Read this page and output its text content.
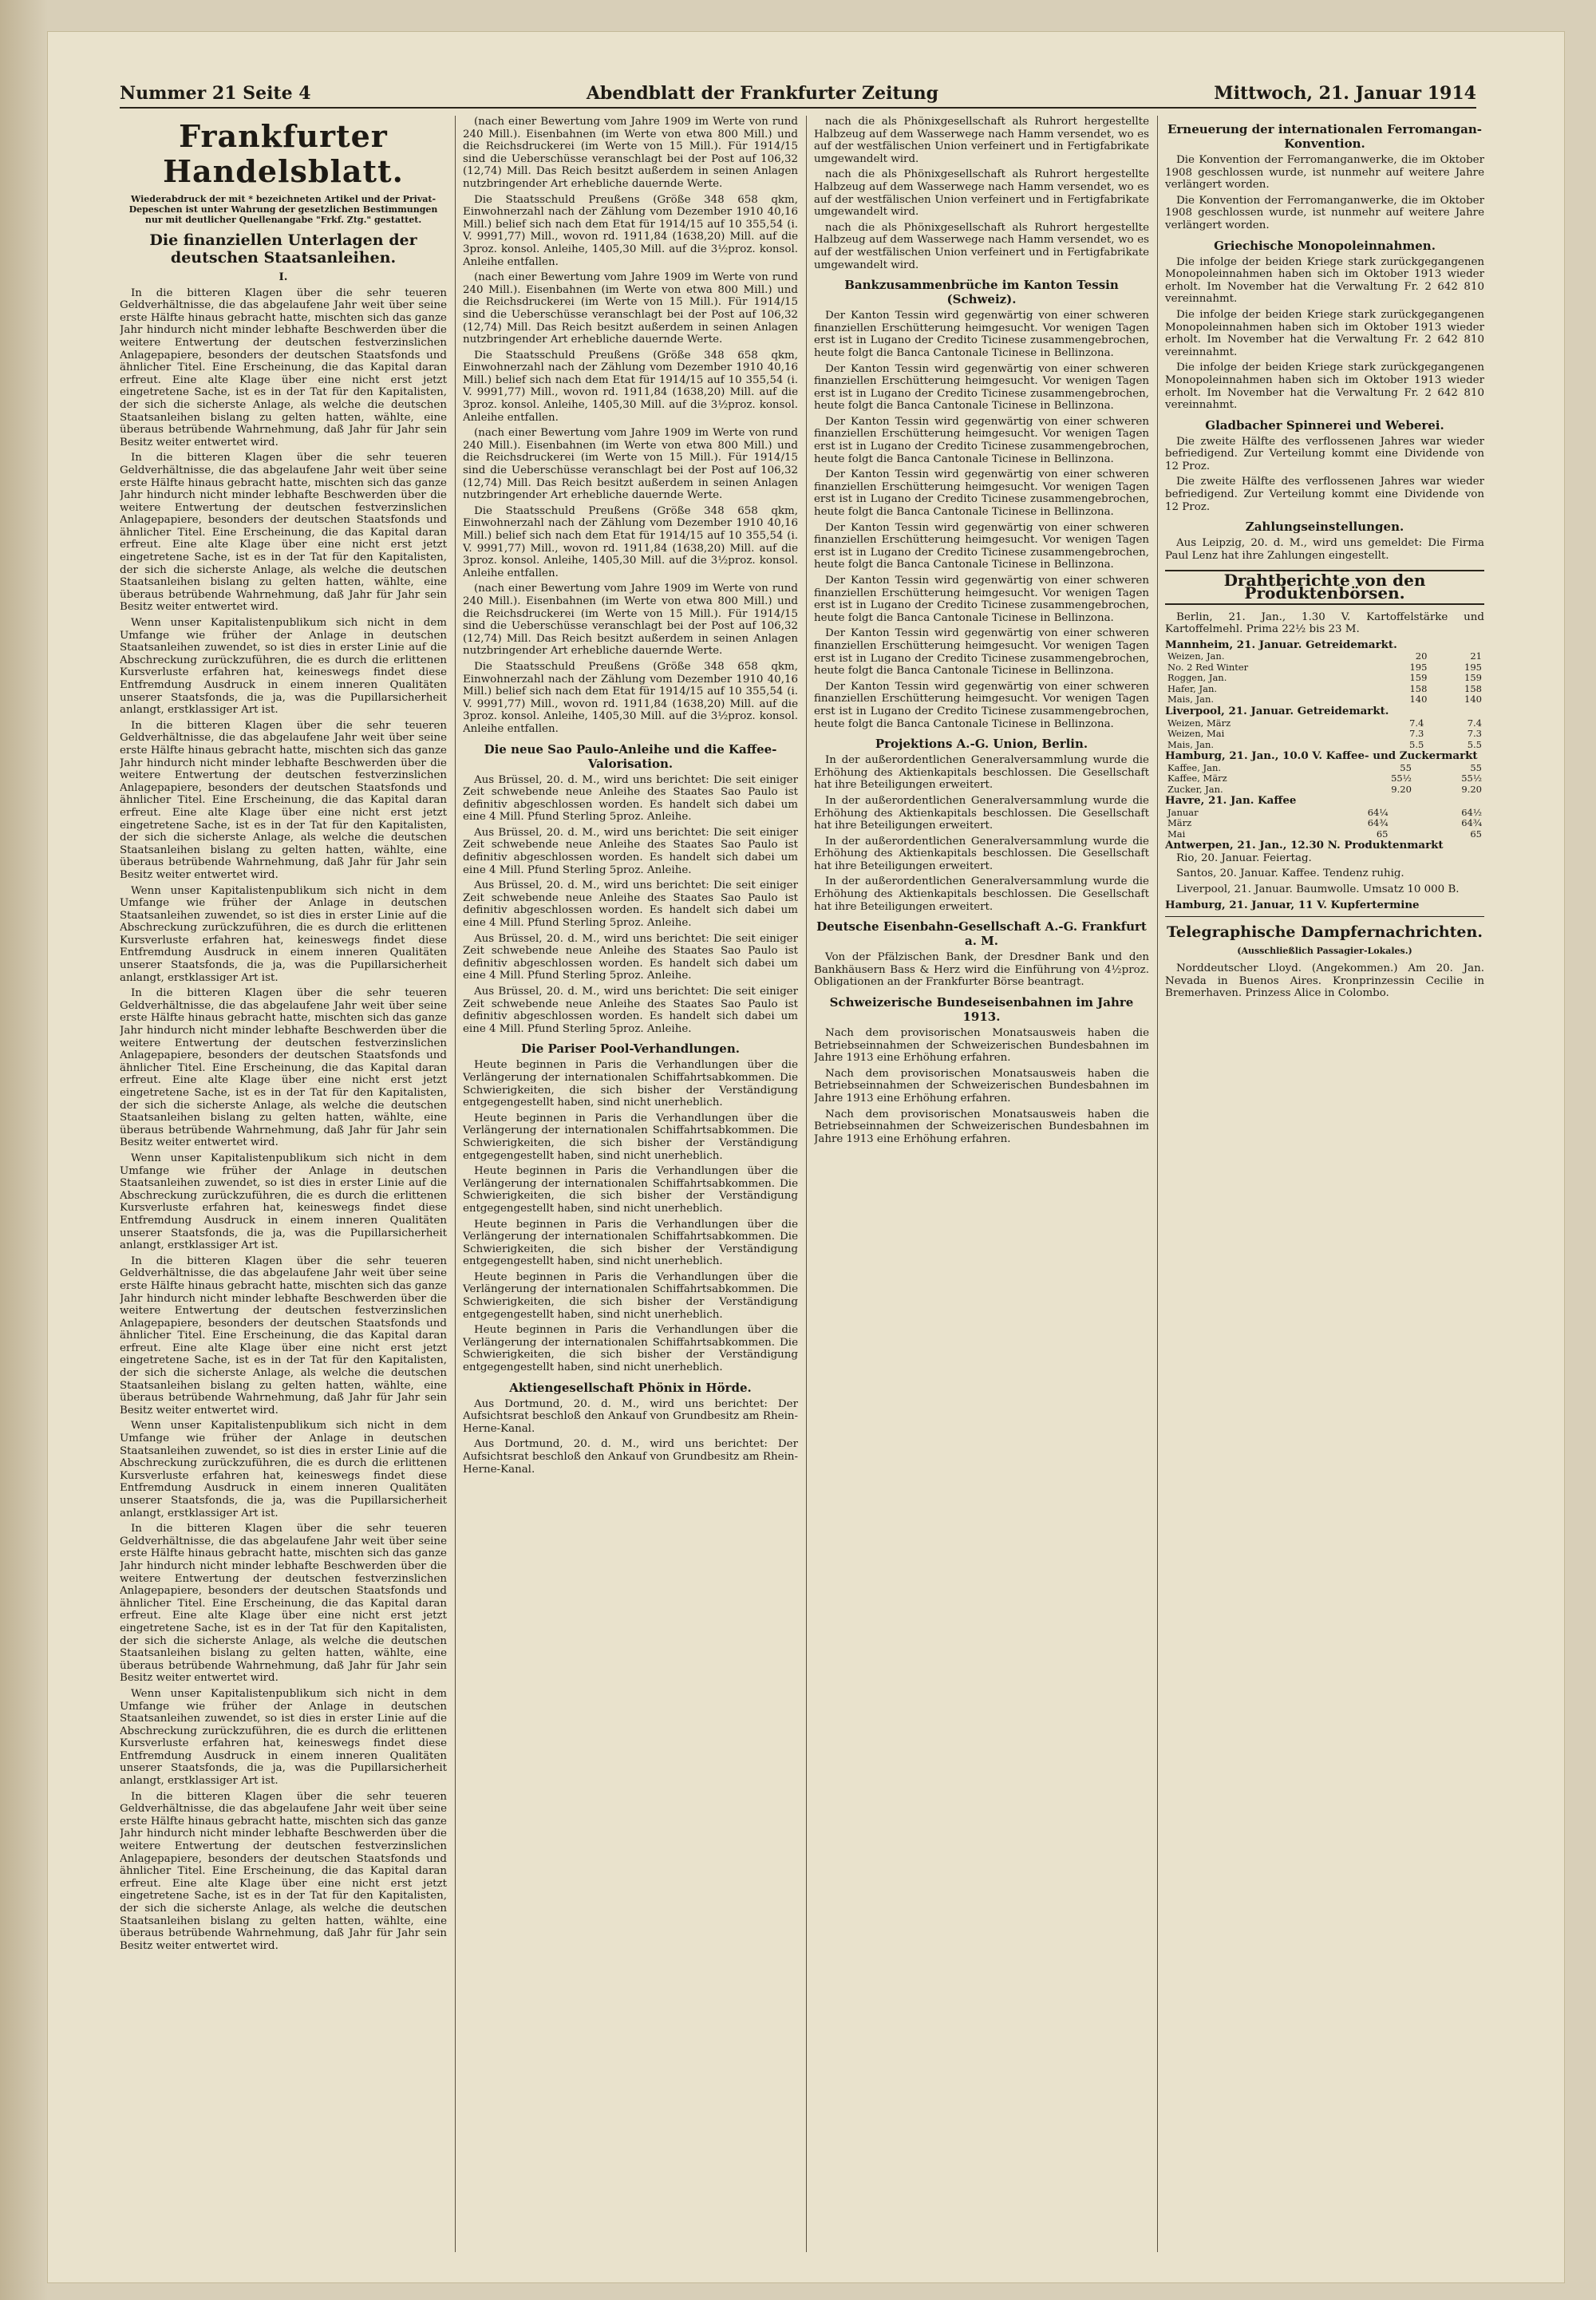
Nummer 21 Seite 4	Abendblatt der Frankfurter Zeitung	Mittwoch, 21. Januar 1914
Frankfurter Handelsblatt.
Wiederabdruck der mit * bezeichneten Artikel und der Privat-Depeschen ist unter Wahrung der gesetzlichen Bestimmungen nur mit deutlicher Quellenangabe "Frkf. Ztg." gestattet.
Die finanziellen Unterlagen der deutschen Staatsanleihen.
I.

In die bitteren Klagen über die sehr teueren Geldverhältnisse, die das abgelaufene Jahr weit über seine erste Hälfte hinaus gebracht hatte, mischten sich das ganze Jahr hindurch nicht minder lebhafte Beschwerden über die weitere Entwertung der deutschen festverzinslichen Anlagepapiere, besonders der deutschen Staatsfonds und ähnlicher Titel. Eine Erscheinung, die das Kapital daran erfreut. Eine alte Klage über eine nicht erst jetzt eingetretene Sache, ist es in der Tat für den Kapitalisten, der sich die sicherste Anlage, als welche die deutschen Staatsanleihen bislang zu gelten hatten, wählte, eine überaus betrübende Wahrnehmung, daß Jahr für Jahr sein Besitz weiter entwertet wird.

In die bitteren Klagen über die sehr teueren Geldverhältnisse, die das abgelaufene Jahr weit über seine erste Hälfte hinaus gebracht hatte, mischten sich das ganze Jahr hindurch nicht minder lebhafte Beschwerden über die weitere Entwertung der deutschen festverzinslichen Anlagepapiere, besonders der deutschen Staatsfonds und ähnlicher Titel. Eine Erscheinung, die das Kapital daran erfreut. Eine alte Klage über eine nicht erst jetzt eingetretene Sache, ist es in der Tat für den Kapitalisten, der sich die sicherste Anlage, als welche die deutschen Staatsanleihen bislang zu gelten hatten, wählte, eine überaus betrübende Wahrnehmung, daß Jahr für Jahr sein Besitz weiter entwertet wird.

Wenn unser Kapitalistenpublikum sich nicht in dem Umfange wie früher der Anlage in deutschen Staatsanleihen zuwendet, so ist dies in erster Linie auf die Abschreckung zurückzuführen, die es durch die erlittenen Kursverluste erfahren hat, keineswegs findet diese Entfremdung Ausdruck in einem inneren Qualitäten unserer Staatsfonds, die ja, was die Pupillarsicherheit anlangt, erstklassiger Art ist.

In die bitteren Klagen über die sehr teueren Geldverhältnisse, die das abgelaufene Jahr weit über seine erste Hälfte hinaus gebracht hatte, mischten sich das ganze Jahr hindurch nicht minder lebhafte Beschwerden über die weitere Entwertung der deutschen festverzinslichen Anlagepapiere, besonders der deutschen Staatsfonds und ähnlicher Titel. Eine Erscheinung, die das Kapital daran erfreut. Eine alte Klage über eine nicht erst jetzt eingetretene Sache, ist es in der Tat für den Kapitalisten, der sich die sicherste Anlage, als welche die deutschen Staatsanleihen bislang zu gelten hatten, wählte, eine überaus betrübende Wahrnehmung, daß Jahr für Jahr sein Besitz weiter entwertet wird.

Wenn unser Kapitalistenpublikum sich nicht in dem Umfange wie früher der Anlage in deutschen Staatsanleihen zuwendet, so ist dies in erster Linie auf die Abschreckung zurückzuführen, die es durch die erlittenen Kursverluste erfahren hat, keineswegs findet diese Entfremdung Ausdruck in einem inneren Qualitäten unserer Staatsfonds, die ja, was die Pupillarsicherheit anlangt, erstklassiger Art ist.

In die bitteren Klagen über die sehr teueren Geldverhältnisse, die das abgelaufene Jahr weit über seine erste Hälfte hinaus gebracht hatte, mischten sich das ganze Jahr hindurch nicht minder lebhafte Beschwerden über die weitere Entwertung der deutschen festverzinslichen Anlagepapiere, besonders der deutschen Staatsfonds und ähnlicher Titel. Eine Erscheinung, die das Kapital daran erfreut. Eine alte Klage über eine nicht erst jetzt eingetretene Sache, ist es in der Tat für den Kapitalisten, der sich die sicherste Anlage, als welche die deutschen Staatsanleihen bislang zu gelten hatten, wählte, eine überaus betrübende Wahrnehmung, daß Jahr für Jahr sein Besitz weiter entwertet wird.

Wenn unser Kapitalistenpublikum sich nicht in dem Umfange wie früher der Anlage in deutschen Staatsanleihen zuwendet, so ist dies in erster Linie auf die Abschreckung zurückzuführen, die es durch die erlittenen Kursverluste erfahren hat, keineswegs findet diese Entfremdung Ausdruck in einem inneren Qualitäten unserer Staatsfonds, die ja, was die Pupillarsicherheit anlangt, erstklassiger Art ist.

In die bitteren Klagen über die sehr teueren Geldverhältnisse, die das abgelaufene Jahr weit über seine erste Hälfte hinaus gebracht hatte, mischten sich das ganze Jahr hindurch nicht minder lebhafte Beschwerden über die weitere Entwertung der deutschen festverzinslichen Anlagepapiere, besonders der deutschen Staatsfonds und ähnlicher Titel. Eine Erscheinung, die das Kapital daran erfreut. Eine alte Klage über eine nicht erst jetzt eingetretene Sache, ist es in der Tat für den Kapitalisten, der sich die sicherste Anlage, als welche die deutschen Staatsanleihen bislang zu gelten hatten, wählte, eine überaus betrübende Wahrnehmung, daß Jahr für Jahr sein Besitz weiter entwertet wird.

Wenn unser Kapitalistenpublikum sich nicht in dem Umfange wie früher der Anlage in deutschen Staatsanleihen zuwendet, so ist dies in erster Linie auf die Abschreckung zurückzuführen, die es durch die erlittenen Kursverluste erfahren hat, keineswegs findet diese Entfremdung Ausdruck in einem inneren Qualitäten unserer Staatsfonds, die ja, was die Pupillarsicherheit anlangt, erstklassiger Art ist.

In die bitteren Klagen über die sehr teueren Geldverhältnisse, die das abgelaufene Jahr weit über seine erste Hälfte hinaus gebracht hatte, mischten sich das ganze Jahr hindurch nicht minder lebhafte Beschwerden über die weitere Entwertung der deutschen festverzinslichen Anlagepapiere, besonders der deutschen Staatsfonds und ähnlicher Titel. Eine Erscheinung, die das Kapital daran erfreut. Eine alte Klage über eine nicht erst jetzt eingetretene Sache, ist es in der Tat für den Kapitalisten, der sich die sicherste Anlage, als welche die deutschen Staatsanleihen bislang zu gelten hatten, wählte, eine überaus betrübende Wahrnehmung, daß Jahr für Jahr sein Besitz weiter entwertet wird.

Wenn unser Kapitalistenpublikum sich nicht in dem Umfange wie früher der Anlage in deutschen Staatsanleihen zuwendet, so ist dies in erster Linie auf die Abschreckung zurückzuführen, die es durch die erlittenen Kursverluste erfahren hat, keineswegs findet diese Entfremdung Ausdruck in einem inneren Qualitäten unserer Staatsfonds, die ja, was die Pupillarsicherheit anlangt, erstklassiger Art ist.

In die bitteren Klagen über die sehr teueren Geldverhältnisse, die das abgelaufene Jahr weit über seine erste Hälfte hinaus gebracht hatte, mischten sich das ganze Jahr hindurch nicht minder lebhafte Beschwerden über die weitere Entwertung der deutschen festverzinslichen Anlagepapiere, besonders der deutschen Staatsfonds und ähnlicher Titel. Eine Erscheinung, die das Kapital daran erfreut. Eine alte Klage über eine nicht erst jetzt eingetretene Sache, ist es in der Tat für den Kapitalisten, der sich die sicherste Anlage, als welche die deutschen Staatsanleihen bislang zu gelten hatten, wählte, eine überaus betrübende Wahrnehmung, daß Jahr für Jahr sein Besitz weiter entwertet wird.

(nach einer Bewertung vom Jahre 1909 im Werte von rund 240 Mill.). Eisenbahnen (im Werte von etwa 800 Mill.) und die Reichsdruckerei (im Werte von 15 Mill.). Für 1914/15 sind die Ueberschüsse veranschlagt bei der Post auf 106,32 (12,74) Mill. Das Reich besitzt außerdem in seinen Anlagen nutzbringender Art erhebliche dauernde Werte.

Die Staatsschuld Preußens (Größe 348 658 qkm, Einwohnerzahl nach der Zählung vom Dezember 1910 40,16 Mill.) belief sich nach dem Etat für 1914/15 auf 10 355,54 (i. V. 9991,77) Mill., wovon rd. 1911,84 (1638,20) Mill. auf die 3proz. konsol. Anleihe, 1405,30 Mill. auf die 3½proz. konsol. Anleihe entfallen.

(nach einer Bewertung vom Jahre 1909 im Werte von rund 240 Mill.). Eisenbahnen (im Werte von etwa 800 Mill.) und die Reichsdruckerei (im Werte von 15 Mill.). Für 1914/15 sind die Ueberschüsse veranschlagt bei der Post auf 106,32 (12,74) Mill. Das Reich besitzt außerdem in seinen Anlagen nutzbringender Art erhebliche dauernde Werte.

Die Staatsschuld Preußens (Größe 348 658 qkm, Einwohnerzahl nach der Zählung vom Dezember 1910 40,16 Mill.) belief sich nach dem Etat für 1914/15 auf 10 355,54 (i. V. 9991,77) Mill., wovon rd. 1911,84 (1638,20) Mill. auf die 3proz. konsol. Anleihe, 1405,30 Mill. auf die 3½proz. konsol. Anleihe entfallen.

(nach einer Bewertung vom Jahre 1909 im Werte von rund 240 Mill.). Eisenbahnen (im Werte von etwa 800 Mill.) und die Reichsdruckerei (im Werte von 15 Mill.). Für 1914/15 sind die Ueberschüsse veranschlagt bei der Post auf 106,32 (12,74) Mill. Das Reich besitzt außerdem in seinen Anlagen nutzbringender Art erhebliche dauernde Werte.

Die Staatsschuld Preußens (Größe 348 658 qkm, Einwohnerzahl nach der Zählung vom Dezember 1910 40,16 Mill.) belief sich nach dem Etat für 1914/15 auf 10 355,54 (i. V. 9991,77) Mill., wovon rd. 1911,84 (1638,20) Mill. auf die 3proz. konsol. Anleihe, 1405,30 Mill. auf die 3½proz. konsol. Anleihe entfallen.

(nach einer Bewertung vom Jahre 1909 im Werte von rund 240 Mill.). Eisenbahnen (im Werte von etwa 800 Mill.) und die Reichsdruckerei (im Werte von 15 Mill.). Für 1914/15 sind die Ueberschüsse veranschlagt bei der Post auf 106,32 (12,74) Mill. Das Reich besitzt außerdem in seinen Anlagen nutzbringender Art erhebliche dauernde Werte.

Die Staatsschuld Preußens (Größe 348 658 qkm, Einwohnerzahl nach der Zählung vom Dezember 1910 40,16 Mill.) belief sich nach dem Etat für 1914/15 auf 10 355,54 (i. V. 9991,77) Mill., wovon rd. 1911,84 (1638,20) Mill. auf die 3proz. konsol. Anleihe, 1405,30 Mill. auf die 3½proz. konsol. Anleihe entfallen.

Die neue Sao Paulo-Anleihe und die Kaffee-Valorisation.

Aus Brüssel, 20. d. M., wird uns berichtet: Die seit einiger Zeit schwebende neue Anleihe des Staates Sao Paulo ist definitiv abgeschlossen worden. Es handelt sich dabei um eine 4 Mill. Pfund Sterling 5proz. Anleihe.

Aus Brüssel, 20. d. M., wird uns berichtet: Die seit einiger Zeit schwebende neue Anleihe des Staates Sao Paulo ist definitiv abgeschlossen worden. Es handelt sich dabei um eine 4 Mill. Pfund Sterling 5proz. Anleihe.

Aus Brüssel, 20. d. M., wird uns berichtet: Die seit einiger Zeit schwebende neue Anleihe des Staates Sao Paulo ist definitiv abgeschlossen worden. Es handelt sich dabei um eine 4 Mill. Pfund Sterling 5proz. Anleihe.

Aus Brüssel, 20. d. M., wird uns berichtet: Die seit einiger Zeit schwebende neue Anleihe des Staates Sao Paulo ist definitiv abgeschlossen worden. Es handelt sich dabei um eine 4 Mill. Pfund Sterling 5proz. Anleihe.

Aus Brüssel, 20. d. M., wird uns berichtet: Die seit einiger Zeit schwebende neue Anleihe des Staates Sao Paulo ist definitiv abgeschlossen worden. Es handelt sich dabei um eine 4 Mill. Pfund Sterling 5proz. Anleihe.

Die Pariser Pool-Verhandlungen.

Heute beginnen in Paris die Verhandlungen über die Verlängerung der internationalen Schiffahrtsabkommen. Die Schwierigkeiten, die sich bisher der Verständigung entgegengestellt haben, sind nicht unerheblich.

Heute beginnen in Paris die Verhandlungen über die Verlängerung der internationalen Schiffahrtsabkommen. Die Schwierigkeiten, die sich bisher der Verständigung entgegengestellt haben, sind nicht unerheblich.

Heute beginnen in Paris die Verhandlungen über die Verlängerung der internationalen Schiffahrtsabkommen. Die Schwierigkeiten, die sich bisher der Verständigung entgegengestellt haben, sind nicht unerheblich.

Heute beginnen in Paris die Verhandlungen über die Verlängerung der internationalen Schiffahrtsabkommen. Die Schwierigkeiten, die sich bisher der Verständigung entgegengestellt haben, sind nicht unerheblich.

Heute beginnen in Paris die Verhandlungen über die Verlängerung der internationalen Schiffahrtsabkommen. Die Schwierigkeiten, die sich bisher der Verständigung entgegengestellt haben, sind nicht unerheblich.

Heute beginnen in Paris die Verhandlungen über die Verlängerung der internationalen Schiffahrtsabkommen. Die Schwierigkeiten, die sich bisher der Verständigung entgegengestellt haben, sind nicht unerheblich.

Aktiengesellschaft Phönix in Hörde.

Aus Dortmund, 20. d. M., wird uns berichtet: Der Aufsichtsrat beschloß den Ankauf von Grundbesitz am Rhein-Herne-Kanal.

Aus Dortmund, 20. d. M., wird uns berichtet: Der Aufsichtsrat beschloß den Ankauf von Grundbesitz am Rhein-Herne-Kanal.

nach die als Phönixgesellschaft als Ruhrort hergestellte Halbzeug auf dem Wasserwege nach Hamm versendet, wo es auf der westfälischen Union verfeinert und in Fertigfabrikate umgewandelt wird.

nach die als Phönixgesellschaft als Ruhrort hergestellte Halbzeug auf dem Wasserwege nach Hamm versendet, wo es auf der westfälischen Union verfeinert und in Fertigfabrikate umgewandelt wird.

nach die als Phönixgesellschaft als Ruhrort hergestellte Halbzeug auf dem Wasserwege nach Hamm versendet, wo es auf der westfälischen Union verfeinert und in Fertigfabrikate umgewandelt wird.

Bankzusammenbrüche im Kanton Tessin (Schweiz).

Der Kanton Tessin wird gegenwärtig von einer schweren finanziellen Erschütterung heimgesucht. Vor wenigen Tagen erst ist in Lugano der Credito Ticinese zusammengebrochen, heute folgt die Banca Cantonale Ticinese in Bellinzona.

Der Kanton Tessin wird gegenwärtig von einer schweren finanziellen Erschütterung heimgesucht. Vor wenigen Tagen erst ist in Lugano der Credito Ticinese zusammengebrochen, heute folgt die Banca Cantonale Ticinese in Bellinzona.

Der Kanton Tessin wird gegenwärtig von einer schweren finanziellen Erschütterung heimgesucht. Vor wenigen Tagen erst ist in Lugano der Credito Ticinese zusammengebrochen, heute folgt die Banca Cantonale Ticinese in Bellinzona.

Der Kanton Tessin wird gegenwärtig von einer schweren finanziellen Erschütterung heimgesucht. Vor wenigen Tagen erst ist in Lugano der Credito Ticinese zusammengebrochen, heute folgt die Banca Cantonale Ticinese in Bellinzona.

Der Kanton Tessin wird gegenwärtig von einer schweren finanziellen Erschütterung heimgesucht. Vor wenigen Tagen erst ist in Lugano der Credito Ticinese zusammengebrochen, heute folgt die Banca Cantonale Ticinese in Bellinzona.

Der Kanton Tessin wird gegenwärtig von einer schweren finanziellen Erschütterung heimgesucht. Vor wenigen Tagen erst ist in Lugano der Credito Ticinese zusammengebrochen, heute folgt die Banca Cantonale Ticinese in Bellinzona.

Der Kanton Tessin wird gegenwärtig von einer schweren finanziellen Erschütterung heimgesucht. Vor wenigen Tagen erst ist in Lugano der Credito Ticinese zusammengebrochen, heute folgt die Banca Cantonale Ticinese in Bellinzona.

Der Kanton Tessin wird gegenwärtig von einer schweren finanziellen Erschütterung heimgesucht. Vor wenigen Tagen erst ist in Lugano der Credito Ticinese zusammengebrochen, heute folgt die Banca Cantonale Ticinese in Bellinzona.

Projektions A.-G. Union, Berlin.

In der außerordentlichen Generalversammlung wurde die Erhöhung des Aktienkapitals beschlossen. Die Gesellschaft hat ihre Beteiligungen erweitert.

In der außerordentlichen Generalversammlung wurde die Erhöhung des Aktienkapitals beschlossen. Die Gesellschaft hat ihre Beteiligungen erweitert.

In der außerordentlichen Generalversammlung wurde die Erhöhung des Aktienkapitals beschlossen. Die Gesellschaft hat ihre Beteiligungen erweitert.

In der außerordentlichen Generalversammlung wurde die Erhöhung des Aktienkapitals beschlossen. Die Gesellschaft hat ihre Beteiligungen erweitert.

Deutsche Eisenbahn-Gesellschaft A.-G. Frankfurt a. M.

Von der Pfälzischen Bank, der Dresdner Bank und den Bankhäusern Bass & Herz wird die Einführung von 4½proz. Obligationen an der Frankfurter Börse beantragt.

Schweizerische Bundeseisenbahnen im Jahre 1913.

Nach dem provisorischen Monatsausweis haben die Betriebseinnahmen der Schweizerischen Bundesbahnen im Jahre 1913 eine Erhöhung erfahren.

Nach dem provisorischen Monatsausweis haben die Betriebseinnahmen der Schweizerischen Bundesbahnen im Jahre 1913 eine Erhöhung erfahren.

Nach dem provisorischen Monatsausweis haben die Betriebseinnahmen der Schweizerischen Bundesbahnen im Jahre 1913 eine Erhöhung erfahren.

Erneuerung der internationalen Ferromangan-Konvention.

Die Konvention der Ferromanganwerke, die im Oktober 1908 geschlossen wurde, ist nunmehr auf weitere Jahre verlängert worden.

Die Konvention der Ferromanganwerke, die im Oktober 1908 geschlossen wurde, ist nunmehr auf weitere Jahre verlängert worden.

Griechische Monopoleinnahmen.

Die infolge der beiden Kriege stark zurückgegangenen Monopoleinnahmen haben sich im Oktober 1913 wieder erholt. Im November hat die Verwaltung Fr. 2 642 810 vereinnahmt.

Die infolge der beiden Kriege stark zurückgegangenen Monopoleinnahmen haben sich im Oktober 1913 wieder erholt. Im November hat die Verwaltung Fr. 2 642 810 vereinnahmt.

Die infolge der beiden Kriege stark zurückgegangenen Monopoleinnahmen haben sich im Oktober 1913 wieder erholt. Im November hat die Verwaltung Fr. 2 642 810 vereinnahmt.

Gladbacher Spinnerei und Weberei.

Die zweite Hälfte des verflossenen Jahres war wieder befriedigend. Zur Verteilung kommt eine Dividende von 12 Proz.

Die zweite Hälfte des verflossenen Jahres war wieder befriedigend. Zur Verteilung kommt eine Dividende von 12 Proz.

Zahlungseinstellungen.

Aus Leipzig, 20. d. M., wird uns gemeldet: Die Firma Paul Lenz hat ihre Zahlungen eingestellt.

Drahtberichte von den Produktenbörsen.

Berlin, 21. Jan., 1.30 V. Kartoffelstärke und Kartoffelmehl. Prima 22½ bis 23 M.

Mannheim, 21. Januar. Getreidemarkt.
Weizen, Jan.	20	21
No. 2 Red Winter	195	195
Roggen, Jan.	159	159
Hafer, Jan.	158	158
Mais, Jan.	140	140
Liverpool, 21. Januar. Getreidemarkt.
Weizen, März	7.4	7.4
Weizen, Mai	7.3	7.3
Mais, Jan.	5.5	5.5
Hamburg, 21. Jan., 10.0 V. Kaffee- und Zuckermarkt
Kaffee, Jan.	55	55
Kaffee, März	55½	55½
Zucker, Jan.	9.20	9.20
Havre, 21. Jan. Kaffee
Januar	64¼	64½
März	64¾	64¾
Mai	65	65
Antwerpen, 21. Jan., 12.30 N. Produktenmarkt

Rio, 20. Januar. Feiertag.

Santos, 20. Januar. Kaffee. Tendenz ruhig.

Liverpool, 21. Januar. Baumwolle. Umsatz 10 000 B.

Hamburg, 21. Januar, 11 V. Kupfertermine
Telegraphische Dampfernachrichten.
(Ausschließlich Passagier-Lokales.)

Norddeutscher Lloyd. (Angekommen.) Am 20. Jan. Nevada in Buenos Aires. Kronprinzessin Cecilie in Bremerhaven. Prinzess Alice in Colombo.
